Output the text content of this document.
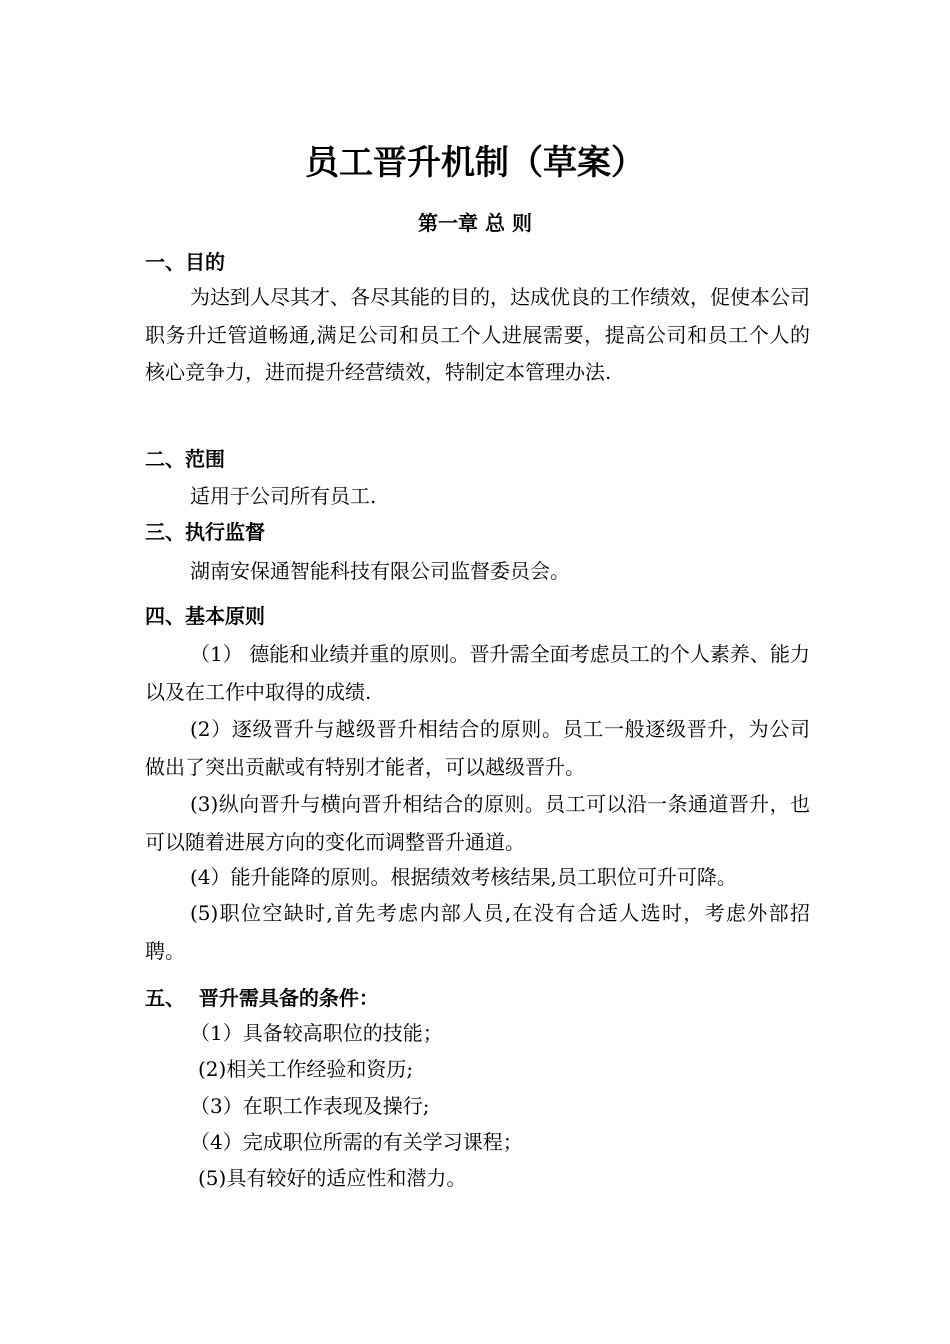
员工晋升机制（草案）
第一章 总 则
一、目的
为达到人尽其才、各尽其能的目的，达成优良的工作绩效，促使本公司职务升迁管道畅通,满足公司和员工个人进展需要，提高公司和员工个人的核心竞争力，进而提升经营绩效，特制定本管理办法.
二、范围
适用于公司所有员工.
三、执行监督
湖南安保通智能科技有限公司监督委员会。
四、基本原则
（1） 德能和业绩并重的原则。晋升需全面考虑员工的个人素养、能力以及在工作中取得的成绩.
(2）逐级晋升与越级晋升相结合的原则。员工一般逐级晋升，为公司做出了突出贡献或有特别才能者，可以越级晋升。
(3)纵向晋升与横向晋升相结合的原则。员工可以沿一条通道晋升，也可以随着进展方向的变化而调整晋升通道。
(4）能升能降的原则。根据绩效考核结果,员工职位可升可降。
(5)职位空缺时,首先考虑内部人员,在没有合适人选时，考虑外部招聘。
五、  晋升需具备的条件：
（1）具备较高职位的技能；
(2)相关工作经验和资历;
（3）在职工作表现及操行;
（4）完成职位所需的有关学习课程；
(5)具有较好的适应性和潜力。
